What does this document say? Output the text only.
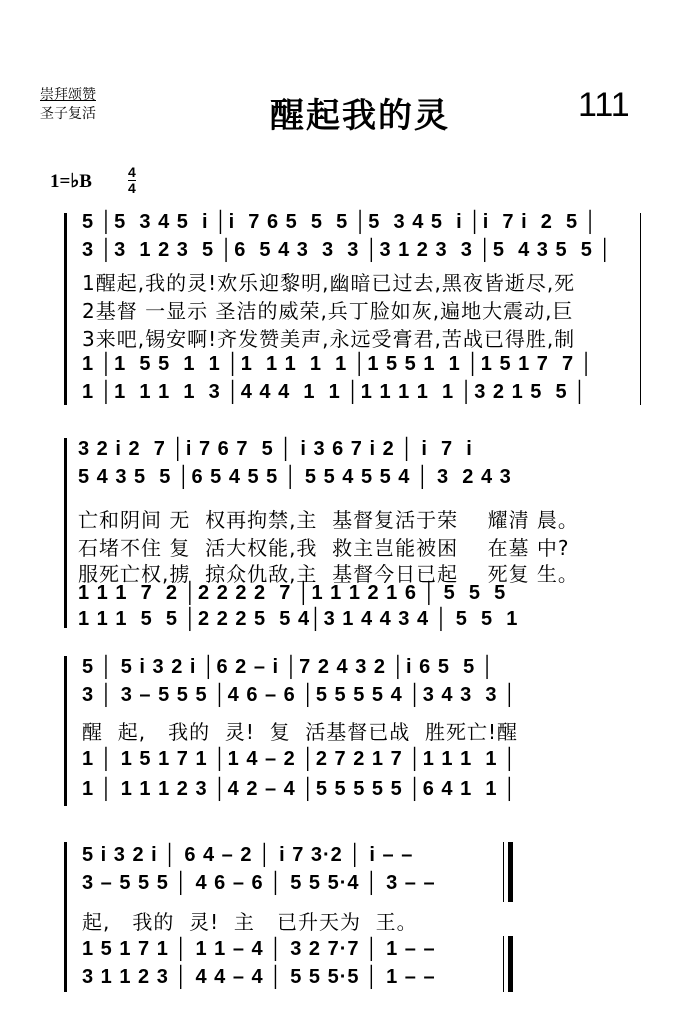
崇拜颂赞
圣子复活	醒起我的灵	111
1=♭B	4
4
5 │5  3 4 5  i │i  7 6 5  5  5 │5  3 4 5  i │i  7 i  2  5 │
3 │3  1 2 3  5 │6  5 4 3  3  3 │3 1 2 3  3 │5  4 3 5  5 │
1醒起,我的灵!欢乐迎黎明,幽暗已过去,黑夜皆逝尽,死
2基督 一显示 圣洁的威荣,兵丁脸如灰,遍地大震动,巨
3来吧,锡安啊!齐发赞美声,永远受膏君,苦战已得胜,制
1 │1  5 5  1  1 │1  1 1  1  1 │1 5 5 1  1 │1 5 1 7  7 │
1 │1  1 1  1  3 │4 4 4  1  1 │1 1 1 1  1 │3 2 1 5  5 │
3 2 i 2  7 │i 7 6 7  5 │ i 3 6 7 i 2 │ i  7  i
5 4 3 5  5 │6 5 4 5 5 │ 5 5 4 5 5 4 │ 3  2 4 3
亡和阴间 无  权再拘禁,主  基督复活于荣    耀清 晨。
石堵不住 复  活大权能,我  救主岂能被困    在墓 中?
服死亡权,掳  掠众仇敌,主  基督今日已起    死复 生。
1 1 1  7  2 │2 2 2 2  7 │1 1 1 2 1 6 │ 5  5  5
1 1 1  5  5 │2 2 2 5  5 4│3 1 4 4 3 4 │ 5  5  1
5 │ 5 i 3 2 i │6 2 – i │7 2 4 3 2 │i 6 5  5 │
3 │ 3 – 5 5 5 │4 6 – 6 │5 5 5 5 4 │3 4 3  3 │
醒  起,   我的  灵!  复  活基督已战  胜死亡!醒
1 │ 1 5 1 7 1 │1 4 – 2 │2 7 2 1 7 │1 1 1  1 │
1 │ 1 1 1 2 3 │4 2 – 4 │5 5 5 5 5 │6 4 1  1 │
5 i 3 2 i │ 6 4 – 2 │ i 7 3·2 │ i – –
3 – 5 5 5 │ 4 6 – 6 │ 5 5 5·4 │ 3 – –
起,   我的  灵!  主   已升天为  王。
1 5 1 7 1 │ 1 1 – 4 │ 3 2 7·7 │ 1 – –
3 1 1 2 3 │ 4 4 – 4 │ 5 5 5·5 │ 1 – –
